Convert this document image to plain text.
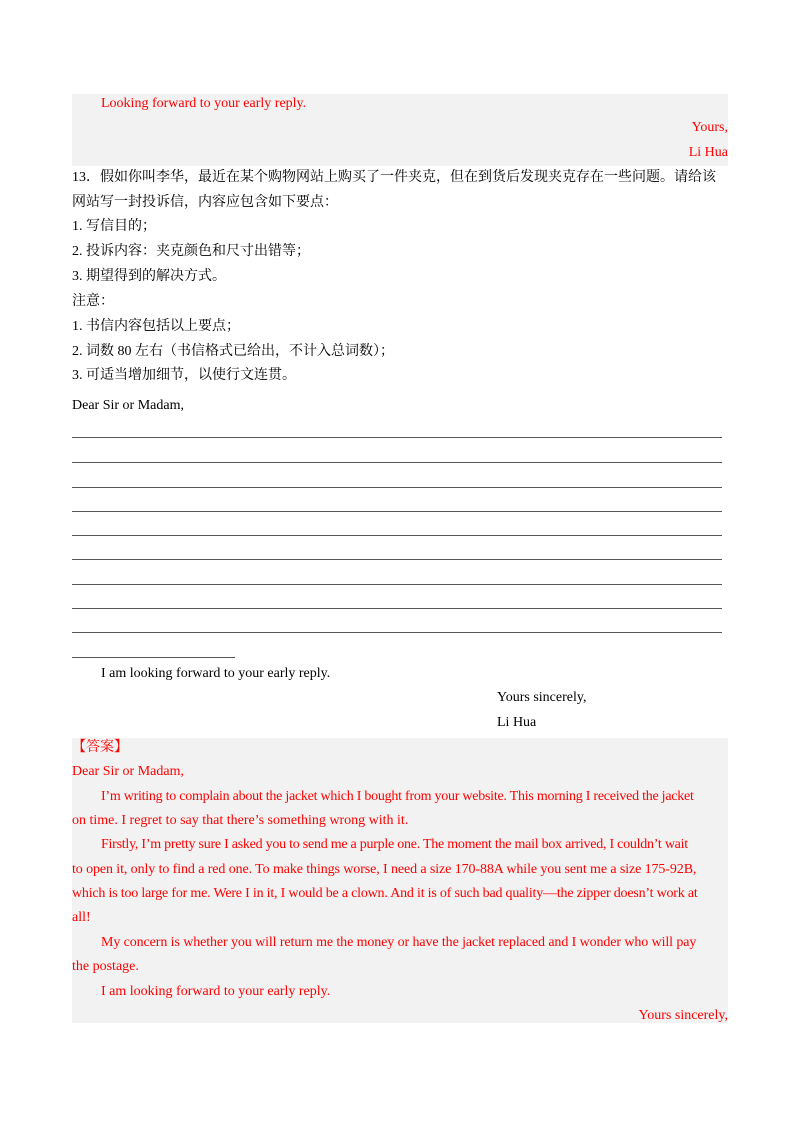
Looking forward to your early reply.
Yours,
Li Hua
13．假如你叫李华，最近在某个购物网站上购买了一件夹克，但在到货后发现夹克存在一些问题。请给该
网站写一封投诉信，内容应包含如下要点：
1. 写信目的；
2. 投诉内容：夹克颜色和尺寸出错等；
3. 期望得到的解决方式。
注意：
1. 书信内容包括以上要点；
2. 词数 80 左右（书信格式已给出，不计入总词数）；
3. 可适当增加细节，以使行文连贯。
Dear Sir or Madam,
I am looking forward to your early reply.
Yours sincerely,
Li Hua
【答案】
Dear Sir or Madam,
I’m writing to complain about the jacket which I bought from your website. This morning I received the jacket
on time. I regret to say that there’s something wrong with it.
Firstly, I’m pretty sure I asked you to send me a purple one. The moment the mail box arrived, I couldn’t wait
to open it, only to find a red one. To make things worse, I need a size 170-88A while you sent me a size 175-92B,
which is too large for me. Were I in it, I would be a clown. And it is of such bad quality—the zipper doesn’t work at
all!
My concern is whether you will return me the money or have the jacket replaced and I wonder who will pay
the postage.
I am looking forward to your early reply.
Yours sincerely,
